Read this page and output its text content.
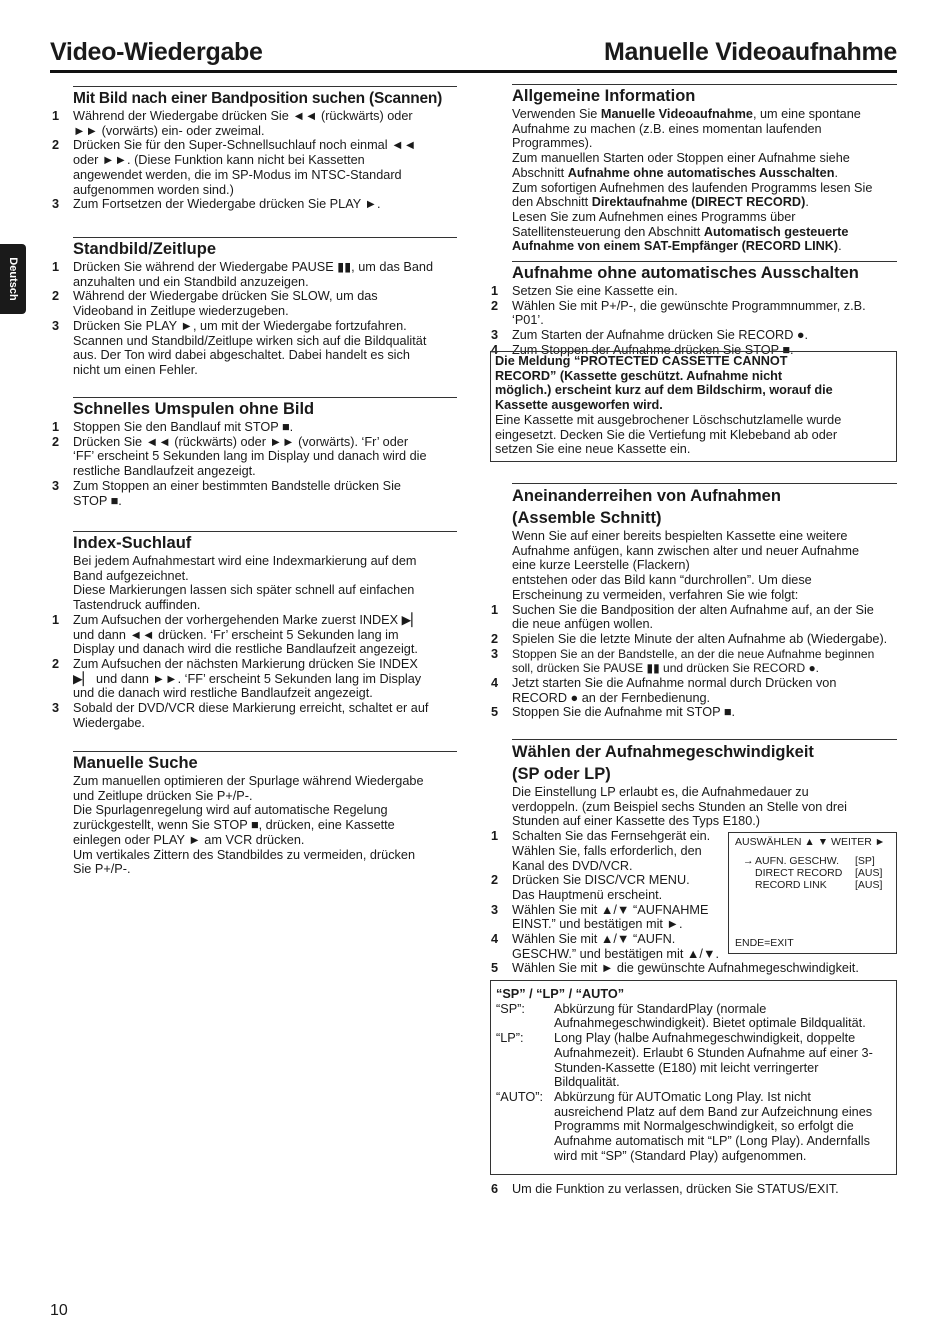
Video-Wiedergabe	Manuelle Videoaufnahme
Deutsch
Mit Bild nach einer Bandposition suchen (Scannen)
1 Während der Wiedergabe drücken Sie ◄◄ (rückwärts) oder
►► (vorwärts) ein- oder zweimal.
2 Drücken Sie für den Super-Schnellsuchlauf noch einmal ◄◄
oder ►►. (Diese Funktion kann nicht bei Kassetten
angewendet werden, die im SP-Modus im NTSC-Standard
aufgenommen worden sind.)
3 Zum Fortsetzen der Wiedergabe drücken Sie PLAY ►.
Standbild/Zeitlupe
1 Drücken Sie während der Wiedergabe PAUSE ▮▮, um das Band
anzuhalten und ein Standbild anzuzeigen.
2 Während der Wiedergabe drücken Sie SLOW, um das
Videoband in Zeitlupe wiederzugeben.
3 Drücken Sie PLAY ►, um mit der Wiedergabe fortzufahren.
Scannen und Standbild/Zeitlupe wirken sich auf die Bildqualität
aus. Der Ton wird dabei abgeschaltet. Dabei handelt es sich
nicht um einen Fehler.
Schnelles Umspulen ohne Bild
1 Stoppen Sie den Bandlauf mit STOP ■.
2 Drücken Sie ◄◄ (rückwärts) oder ►► (vorwärts). ‘Fr’ oder
‘FF’ erscheint 5 Sekunden lang im Display und danach wird die
restliche Bandlaufzeit angezeigt.
3 Zum Stoppen an einer bestimmten Bandstelle drücken Sie
STOP ■.
Index-Suchlauf
Bei jedem Aufnahmestart wird eine Indexmarkierung auf dem
Band aufgezeichnet.
Diese Markierungen lassen sich später schnell auf einfachen
Tastendruck auffinden.
1 Zum Aufsuchen der vorhergehenden Marke zuerst INDEX ▶▏
und dann ◄◄ drücken. ‘Fr’ erscheint 5 Sekunden lang im
Display und danach wird die restliche Bandlaufzeit angezeigt.
2 Zum Aufsuchen der nächsten Markierung drücken Sie INDEX
▶▏ und dann ►►. ‘FF’ erscheint 5 Sekunden lang im Display
und die danach wird restliche Bandlaufzeit angezeigt.
3 Sobald der DVD/VCR diese Markierung erreicht, schaltet er auf
Wiedergabe.
Manuelle Suche
Zum manuellen optimieren der Spurlage während Wiedergabe
und Zeitlupe drücken Sie P+/P-.
Die Spurlagenregelung wird auf automatische Regelung
zurückgestellt, wenn Sie STOP ■, drücken, eine Kassette
einlegen oder PLAY ► am VCR drücken.
Um vertikales Zittern des Standbildes zu vermeiden, drücken
Sie P+/P-.
Allgemeine Information
Verwenden Sie Manuelle Videoaufnahme, um eine spontane
Aufnahme zu machen (z.B. eines momentan laufenden Programmes).
Zum manuellen Starten oder Stoppen einer Aufnahme siehe
Abschnitt Aufnahme ohne automatisches Ausschalten.
Zum sofortigen Aufnehmen des laufenden Programms lesen Sie
den Abschnitt Direktaufnahme (DIRECT RECORD).
Lesen Sie zum Aufnehmen eines Programms über
Satellitensteuerung den Abschnitt Automatisch gesteuerte
Aufnahme von einem SAT-Empfänger (RECORD LINK).
Aufnahme ohne automatisches Ausschalten
1 Setzen Sie eine Kassette ein.
2 Wählen Sie mit P+/P-, die gewünschte Programmnummer, z.B. ‘P01’.
3 Zum Starten der Aufnahme drücken Sie RECORD ●.
4 Zum Stoppen der Aufnahme drücken Sie STOP ■.
Die Meldung “PROTECTED CASSETTE CANNOT
RECORD” (Kassette geschützt. Aufnahme nicht
möglich.) erscheint kurz auf dem Bildschirm, worauf die
Kassette ausgeworfen wird.
Eine Kassette mit ausgebrochener Löschschutzlamelle wurde
eingesetzt. Decken Sie die Vertiefung mit Klebeband ab oder
setzen Sie eine neue Kassette ein.
Aneinanderreihen von Aufnahmen
(Assemble Schnitt)
Wenn Sie auf einer bereits bespielten Kassette eine weitere
Aufnahme anfügen, kann zwischen alter und neuer Aufnahme
eine kurze Leerstelle (Flackern)
entstehen oder das Bild kann “durchrollen”. Um diese
Erscheinung zu vermeiden, verfahren Sie wie folgt:
1 Suchen Sie die Bandposition der alten Aufnahme auf, an der Sie
die neue anfügen wollen.
2 Spielen Sie die letzte Minute der alten Aufnahme ab (Wiedergabe).
3 Stoppen Sie an der Bandstelle, an der die neue Aufnahme beginnen
soll, drücken Sie PAUSE ▮▮ und drücken Sie RECORD ●.
4 Jetzt starten Sie die Aufnahme normal durch Drücken von
RECORD ● an der Fernbedienung.
5 Stoppen Sie die Aufnahme mit STOP ■.
Wählen der Aufnahmegeschwindigkeit
(SP oder LP)
Die Einstellung LP erlaubt es, die Aufnahmedauer zu
verdoppeln. (zum Beispiel sechs Stunden an Stelle von drei
Stunden auf einer Kassette des Typs E180.)
1 Schalten Sie das Fernsehgerät ein.
Wählen Sie, falls erforderlich, den
Kanal des DVD/VCR.
2 Drücken Sie DISC/VCR MENU.
Das Hauptmenü erscheint.
3 Wählen Sie mit ▲/▼ “AUFNAHME
EINST.” und bestätigen mit ►.
4 Wählen Sie mit ▲/▼ “AUFN.
GESCHW.” und bestätigen mit ▲/▼.
5 Wählen Sie mit ► die gewünschte Aufnahmegeschwindigkeit.
AUSWÄHLEN ▲ ▼ WEITER ►
→ AUFN. GESCHW. [SP]
DIRECT RECORD [AUS]
RECORD LINK	[AUS]
ENDE=EXIT
“SP” / “LP” / “AUTO”
“SP”: Abkürzung für StandardPlay (normale
Aufnahmegeschwindigkeit). Bietet optimale Bildqualität.
“LP”: Long Play (halbe Aufnahmegeschwindigkeit, doppelte
Aufnahmezeit). Erlaubt 6 Stunden Aufnahme auf einer 3-
Stunden-Kassette (E180) mit leicht verringerter
Bildqualität.
“AUTO”: Abkürzung für AUTOmatic Long Play. Ist nicht
ausreichend Platz auf dem Band zur Aufzeichnung eines
Programms mit Normalgeschwindigkeit, so erfolgt die
Aufnahme automatisch mit “LP” (Long Play). Andernfalls
wird mit “SP” (Standard Play) aufgenommen.
6 Um die Funktion zu verlassen, drücken Sie STATUS/EXIT.
10
